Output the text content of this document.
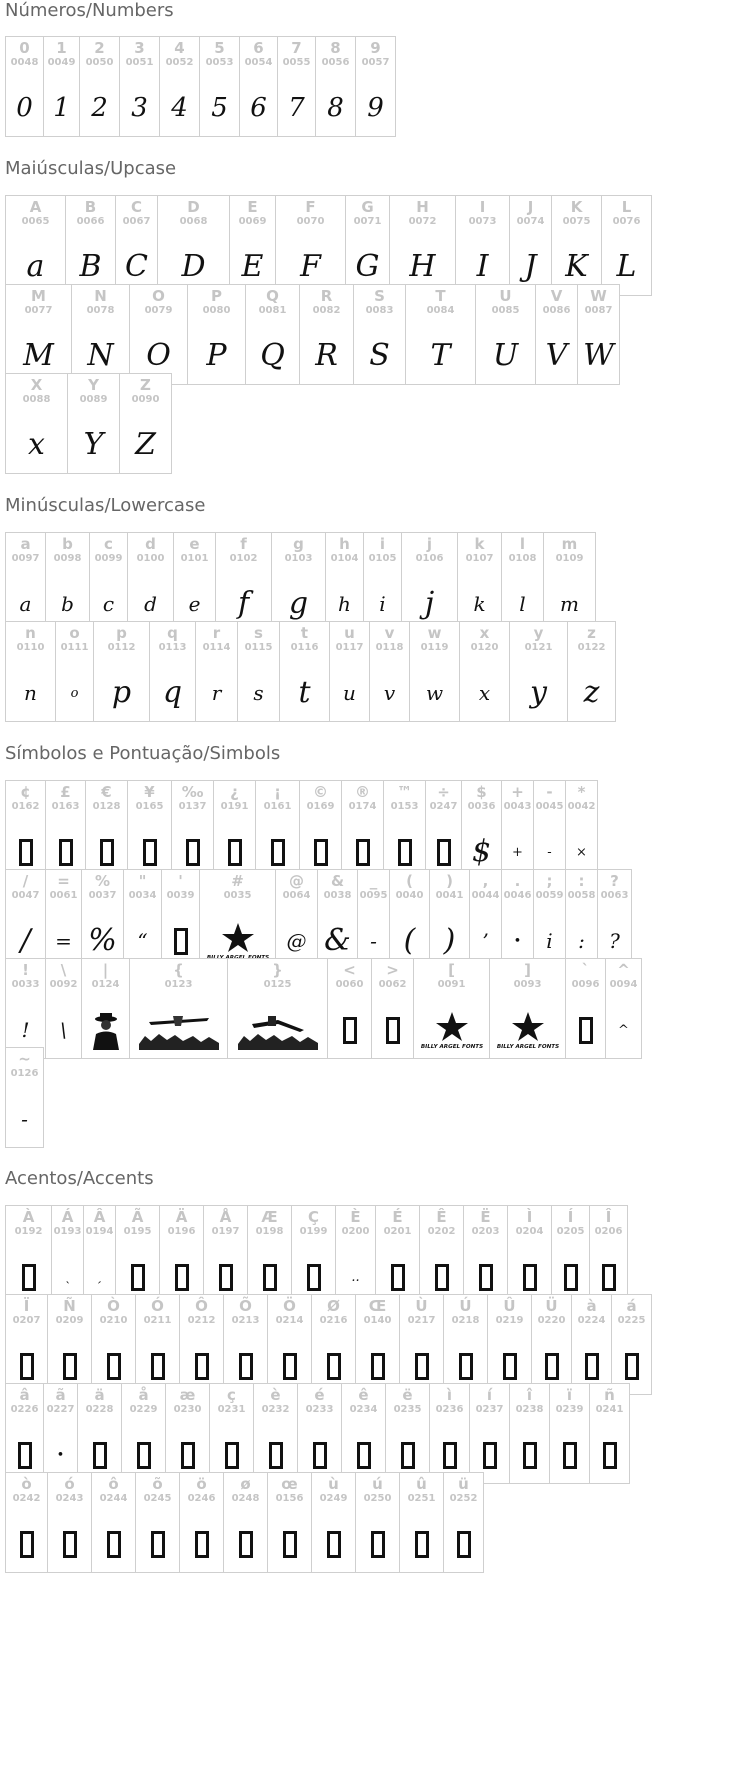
Números/Numbers
0
0048
0
1
0049
1
2
0050
2
3
0051
3
4
0052
4
5
0053
5
6
0054
6
7
0055
7
8
0056
8
9
0057
9
Maiúsculas/Upcase
A
0065
a
B
0066
B
C
0067
C
D
0068
D
E
0069
E
F
0070
F
G
0071
G
H
0072
H
I
0073
I
J
0074
J
K
0075
K
L
0076
L
M
0077
M
N
0078
N
O
0079
O
P
0080
P
Q
0081
Q
R
0082
R
S
0083
S
T
0084
T
U
0085
U
V
0086
V
W
0087
W
X
0088
x
Y
0089
Y
Z
0090
Z
Minúsculas/Lowercase
a
0097
a
b
0098
b
c
0099
c
d
0100
d
e
0101
e
f
0102
f
g
0103
g
h
0104
h
i
0105
i
j
0106
j
k
0107
k
l
0108
l
m
0109
m
n
0110
n
o
0111
o
p
0112
p
q
0113
q
r
0114
r
s
0115
s
t
0116
t
u
0117
u
v
0118
v
w
0119
w
x
0120
x
y
0121
y
z
0122
z
Símbolos e Pontuação/Simbols
¢
0162
£
0163
€
0128
¥
0165
‰
0137
¿
0191
¡
0161
©
0169
®
0174
™
0153
÷
0247
$
0036
$
+
0043
+
-
0045
-
*
0042
×
/
0047
/
=
0061
=
%
0037
%
"
0034
“
'
0039
#
0035
@
0064
@
&
0038
&
_
0095
-
(
0040
(
)
0041
)
,
0044
’
.
0046
•
;
0059
i
:
0058
:
?
0063
?
!
0033
!
\
0092
\
|
0124
{
0123
}
0125
<
0060
>
0062
[
0091
BILLY ARGEL FONTS
]
0093
BILLY ARGEL FONTS
`
0096
^
0094
^
~
0126
-
Acentos/Accents
À
0192
Á
0193
ˎ
Â
0194
ˏ
Ã
0195
Ä
0196
Å
0197
Æ
0198
Ç
0199
È
0200
..
É
0201
Ê
0202
Ë
0203
Ì
0204
Í
0205
Î
0206
Ï
0207
Ñ
0209
Ò
0210
Ó
0211
Ô
0212
Õ
0213
Ö
0214
Ø
0216
Œ
0140
Ù
0217
Ú
0218
Û
0219
Ü
0220
à
0224
á
0225
â
0226
ã
0227
•
ä
0228
å
0229
æ
0230
ç
0231
è
0232
é
0233
ê
0234
ë
0235
ì
0236
í
0237
î
0238
ï
0239
ñ
0241
ò
0242
ó
0243
ô
0244
õ
0245
ö
0246
ø
0248
œ
0156
ù
0249
ú
0250
û
0251
ü
0252
